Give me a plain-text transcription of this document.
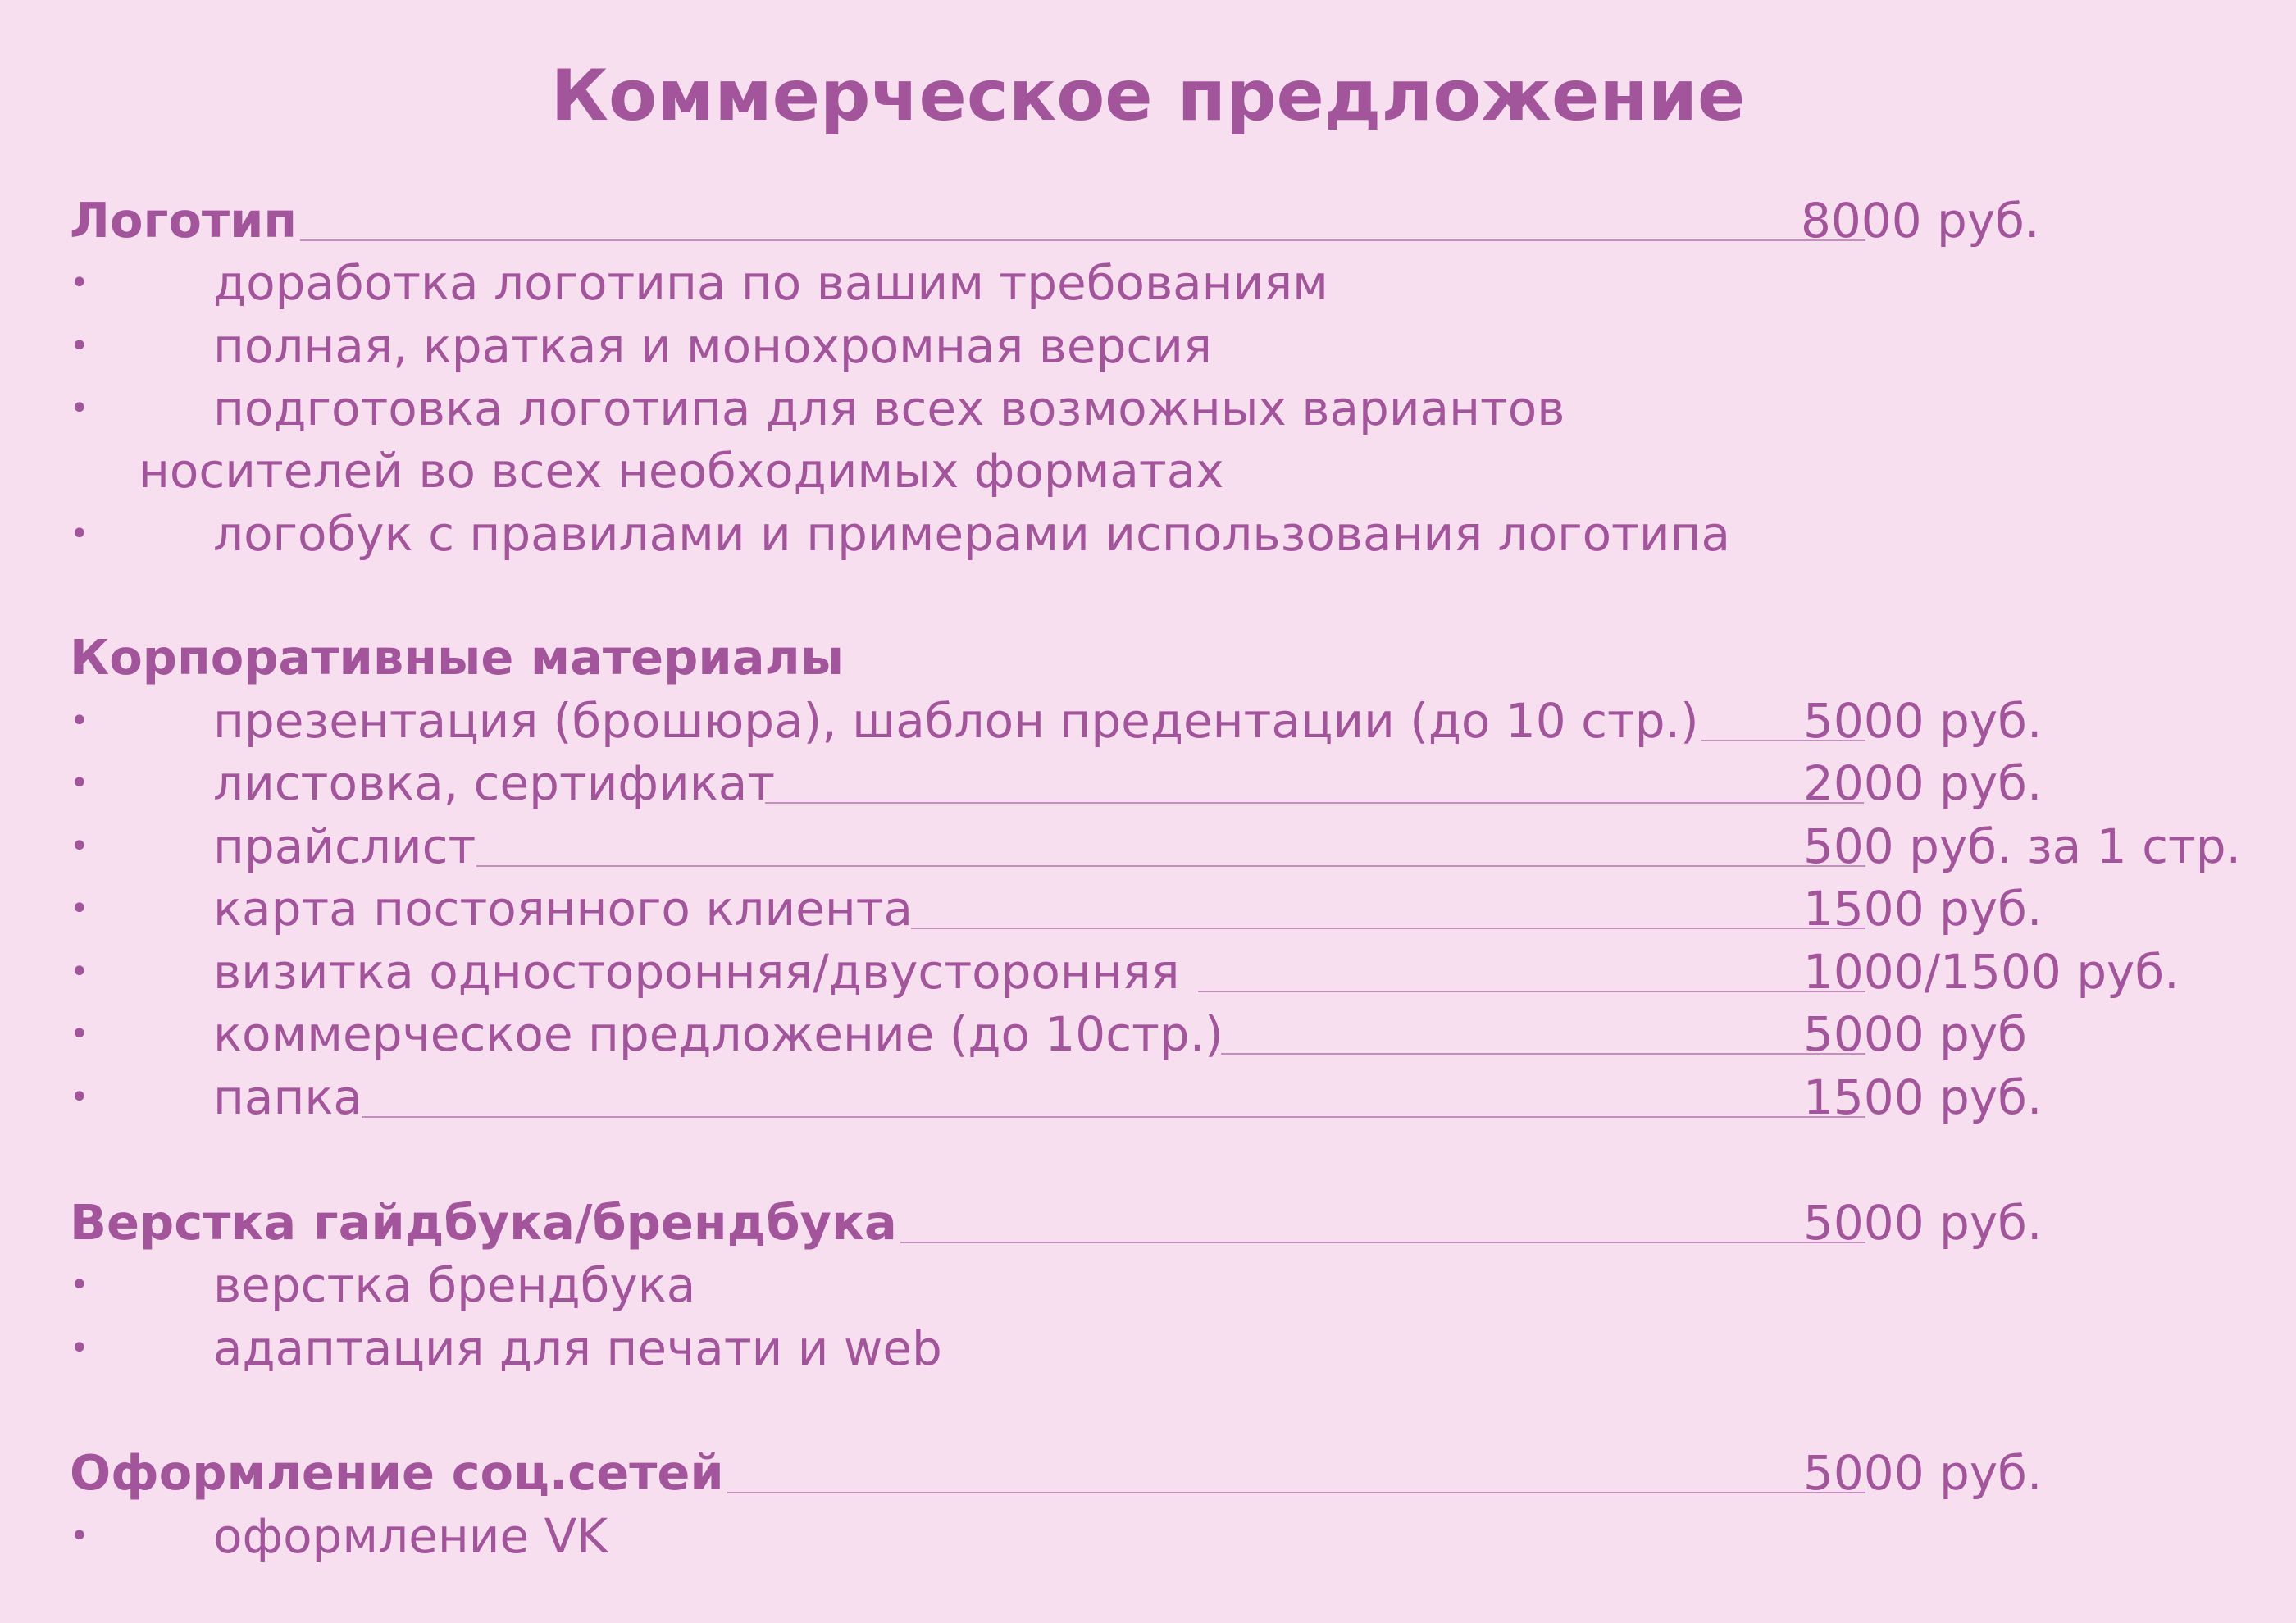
Коммерческое предложение
Логотип	8000 руб.
•	доработка логотипа по вашим требованиям
•	полная, краткая и монохромная версия
•	подготовка логотипа для всех возможных вариантов
носителей во всех необходимых форматах
•	логобук с правилами и примерами использования логотипа
Корпоративные материалы
•	презентация (брошюра), шаблон предентации (до 10 стр.) 5000 руб.
•	листовка, сертификат	2000 руб.
•	прайслист	500 руб. за 1 стр.
•	карта постоянного клиента	1500 руб.
•	визитка односторонняя/двусторонняя	1000/1500 руб.
•	коммерческое предложение (до 10стр.)	5000 руб
•	папка	1500 руб.
Верстка гайдбука/брендбука	5000 руб.
•	верстка брендбука
•	адаптация для печати и web
Оформление соц.сетей	5000 руб.
•	оформление VK
